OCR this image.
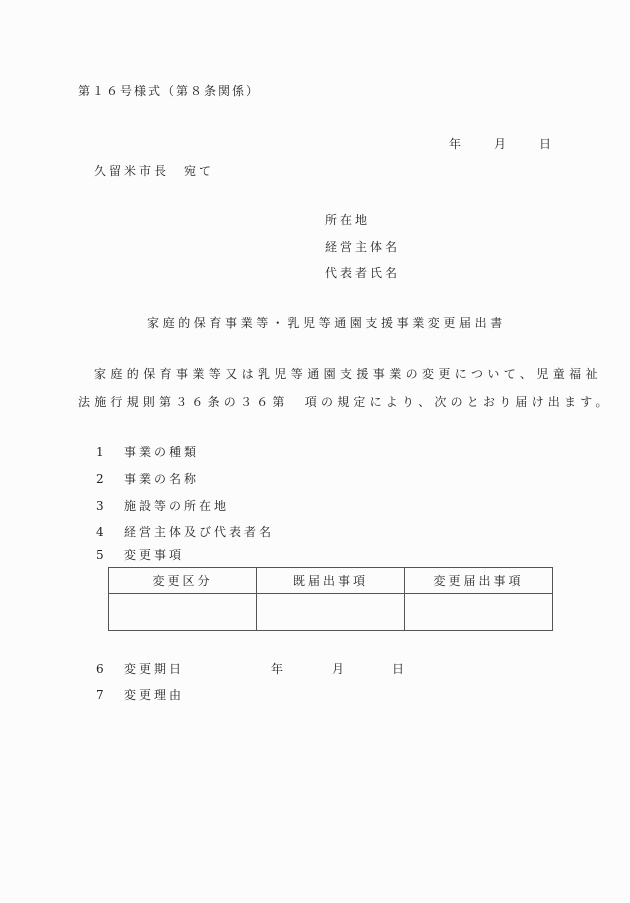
第１６号様式（第８条関係）
年 月 日
久留米市長　宛て
所在地
経営主体名
代表者氏名
家庭的保育事業等・乳児等通園支援事業変更届出書
家庭的保育事業等又は乳児等通園支援事業の変更について、児童福祉
法施行規則第３６条の３６第　項の規定により、次のとおり届け出ます。
1 事業の種類
2 事業の名称
3 施設等の所在地
4 経営主体及び代表者名
5 変更事項
変更区分	既届出事項	変更届出事項

6 変更期日	年	月	日
7 変更理由
